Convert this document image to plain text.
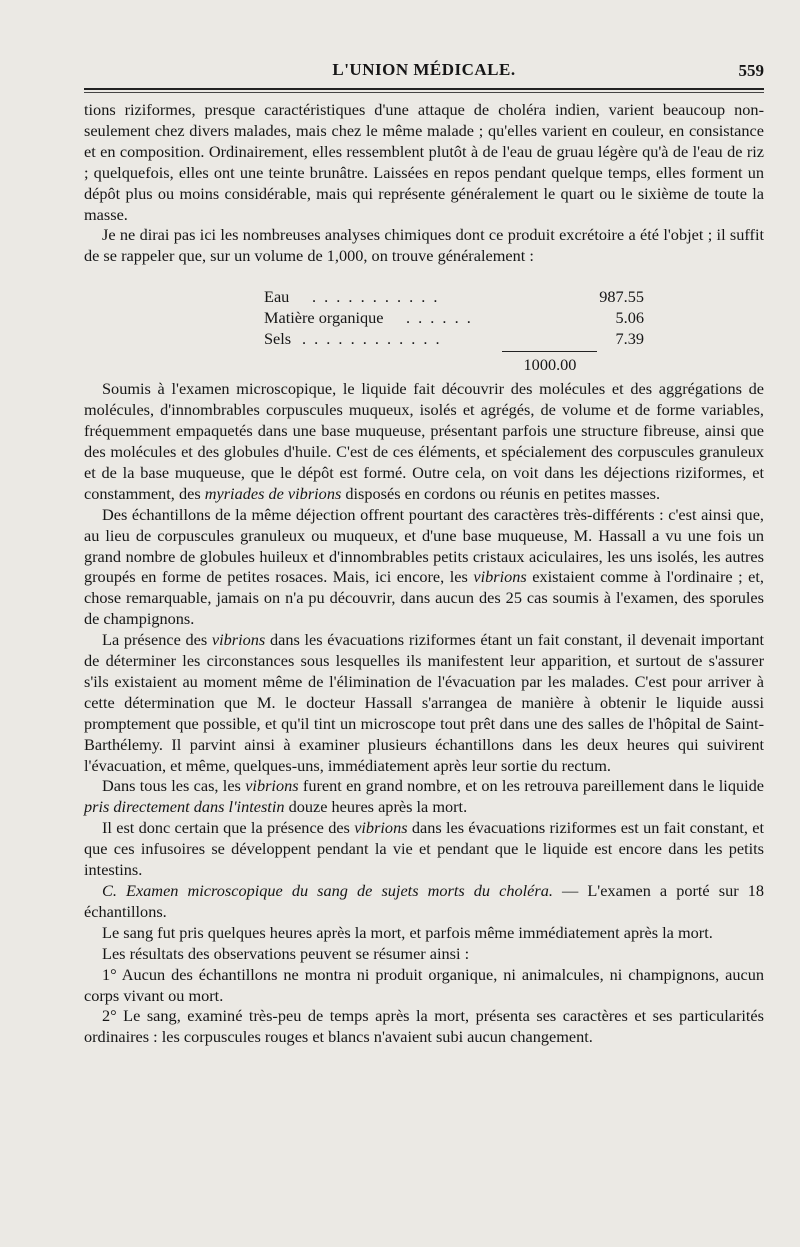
L'UNION MÉDICALE.	559

tions riziformes, presque caractéristiques d'une attaque de choléra indien, varient beaucoup non-seulement chez divers malades, mais chez le même malade ; qu'elles varient en couleur, en consistance et en composition. Ordinairement, elles ressemblent plutôt à de l'eau de gruau légère qu'à de l'eau de riz ; quelquefois, elles ont une teinte brunâtre. Laissées en repos pendant quelque temps, elles forment un dépôt plus ou moins considérable, mais qui représente généralement le quart ou le sixième de toute la masse.

Je ne dirai pas ici les nombreuses analyses chimiques dont ce produit excrétoire a été l'objet ; il suffit de se rappeler que, sur un volume de 1,000, on trouve généralement :

Eau . . . . . . . . . . .	987.55
Matière organique . . . . . .	5.06
Sels . . . . . . . . . . . .	7.39
1000.00

Soumis à l'examen microscopique, le liquide fait découvrir des molécules et des aggrégations de molécules, d'innombrables corpuscules muqueux, isolés et agrégés, de volume et de forme variables, fréquemment empaquetés dans une base muqueuse, présentant parfois une structure fibreuse, ainsi que des molécules et des globules d'huile. C'est de ces éléments, et spécialement des corpuscules granuleux et de la base muqueuse, que le dépôt est formé. Outre cela, on voit dans les déjections riziformes, et constamment, des myriades de vibrions disposés en cordons ou réunis en petites masses.

Des échantillons de la même déjection offrent pourtant des caractères très-différents : c'est ainsi que, au lieu de corpuscules granuleux ou muqueux, et d'une base muqueuse, M. Hassall a vu une fois un grand nombre de globules huileux et d'innombrables petits cristaux aciculaires, les uns isolés, les autres groupés en forme de petites rosaces. Mais, ici encore, les vibrions existaient comme à l'ordinaire ; et, chose remarquable, jamais on n'a pu découvrir, dans aucun des 25 cas soumis à l'examen, des sporules de champignons.

La présence des vibrions dans les évacuations riziformes étant un fait constant, il devenait important de déterminer les circonstances sous lesquelles ils manifestent leur apparition, et surtout de s'assurer s'ils existaient au moment même de l'élimination de l'évacuation par les malades. C'est pour arriver à cette détermination que M. le docteur Hassall s'arrangea de manière à obtenir le liquide aussi promptement que possible, et qu'il tint un microscope tout prêt dans une des salles de l'hôpital de Saint-Barthélemy. Il parvint ainsi à examiner plusieurs échantillons dans les deux heures qui suivirent l'évacuation, et même, quelques-uns, immédiatement après leur sortie du rectum.

Dans tous les cas, les vibrions furent en grand nombre, et on les retrouva pareillement dans le liquide pris directement dans l'intestin douze heures après la mort.

Il est donc certain que la présence des vibrions dans les évacuations riziformes est un fait constant, et que ces infusoires se développent pendant la vie et pendant que le liquide est encore dans les petits intestins.

C. Examen microscopique du sang de sujets morts du choléra. — L'examen a porté sur 18 échantillons.

Le sang fut pris quelques heures après la mort, et parfois même immédiatement après la mort.

Les résultats des observations peuvent se résumer ainsi :

1° Aucun des échantillons ne montra ni produit organique, ni animalcules, ni champignons, aucun corps vivant ou mort.

2° Le sang, examiné très-peu de temps après la mort, présenta ses caractères et ses particularités ordinaires : les corpuscules rouges et blancs n'avaient subi aucun changement.
